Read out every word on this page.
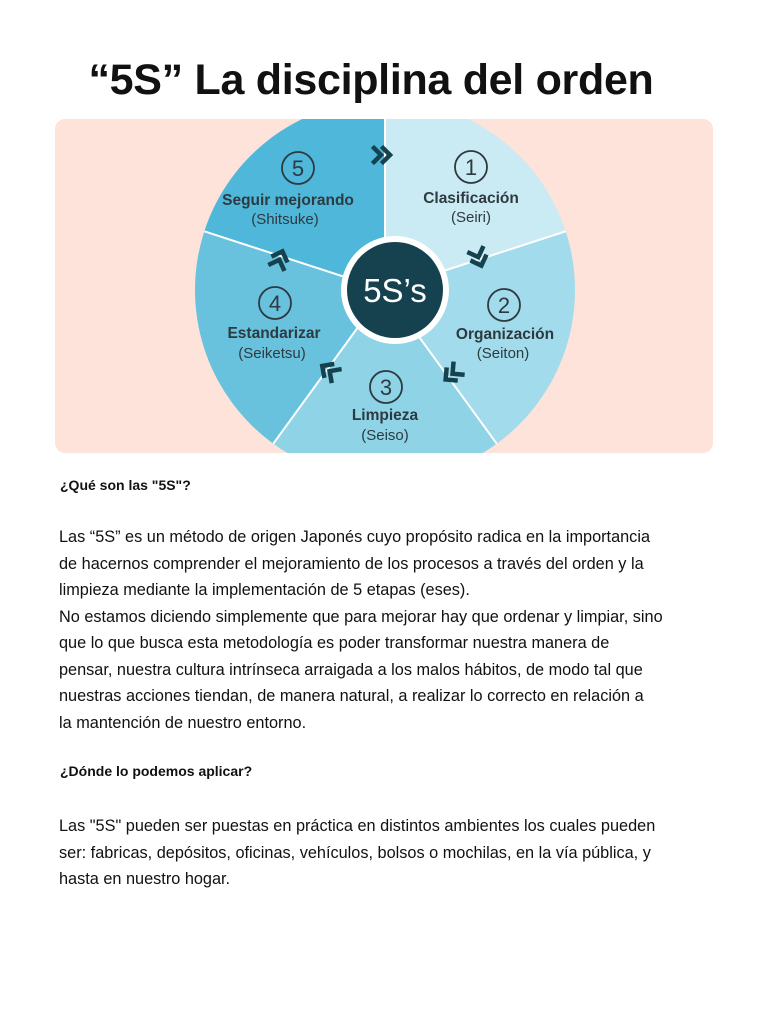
“5S” La disciplina del orden
5S’s
1
Clasificación
(Seiri)
2
Organización
(Seiton)
3
Limpieza
(Seiso)
4
Estandarizar
(Seiketsu)
5
Seguir mejorando
(Shitsuke)

¿Qué son las "5S"?

Las “5S” es un método de origen Japonés cuyo propósito radica en la importancia
de hacernos comprender el mejoramiento de los procesos a través del orden y la
limpieza mediante la implementación de 5 etapas (eses).
No estamos diciendo simplemente que para mejorar hay que ordenar y limpiar, sino
que lo que busca esta metodología es poder transformar nuestra manera de
pensar, nuestra cultura intrínseca arraigada a los malos hábitos, de modo tal que
nuestras acciones tiendan, de manera natural, a realizar lo correcto en relación a
la mantención de nuestro entorno.

¿Dónde lo podemos aplicar?

Las "5S" pueden ser puestas en práctica en distintos ambientes los cuales pueden
ser: fabricas, depósitos, oficinas, vehículos, bolsos o mochilas, en la vía pública, y
hasta en nuestro hogar.
